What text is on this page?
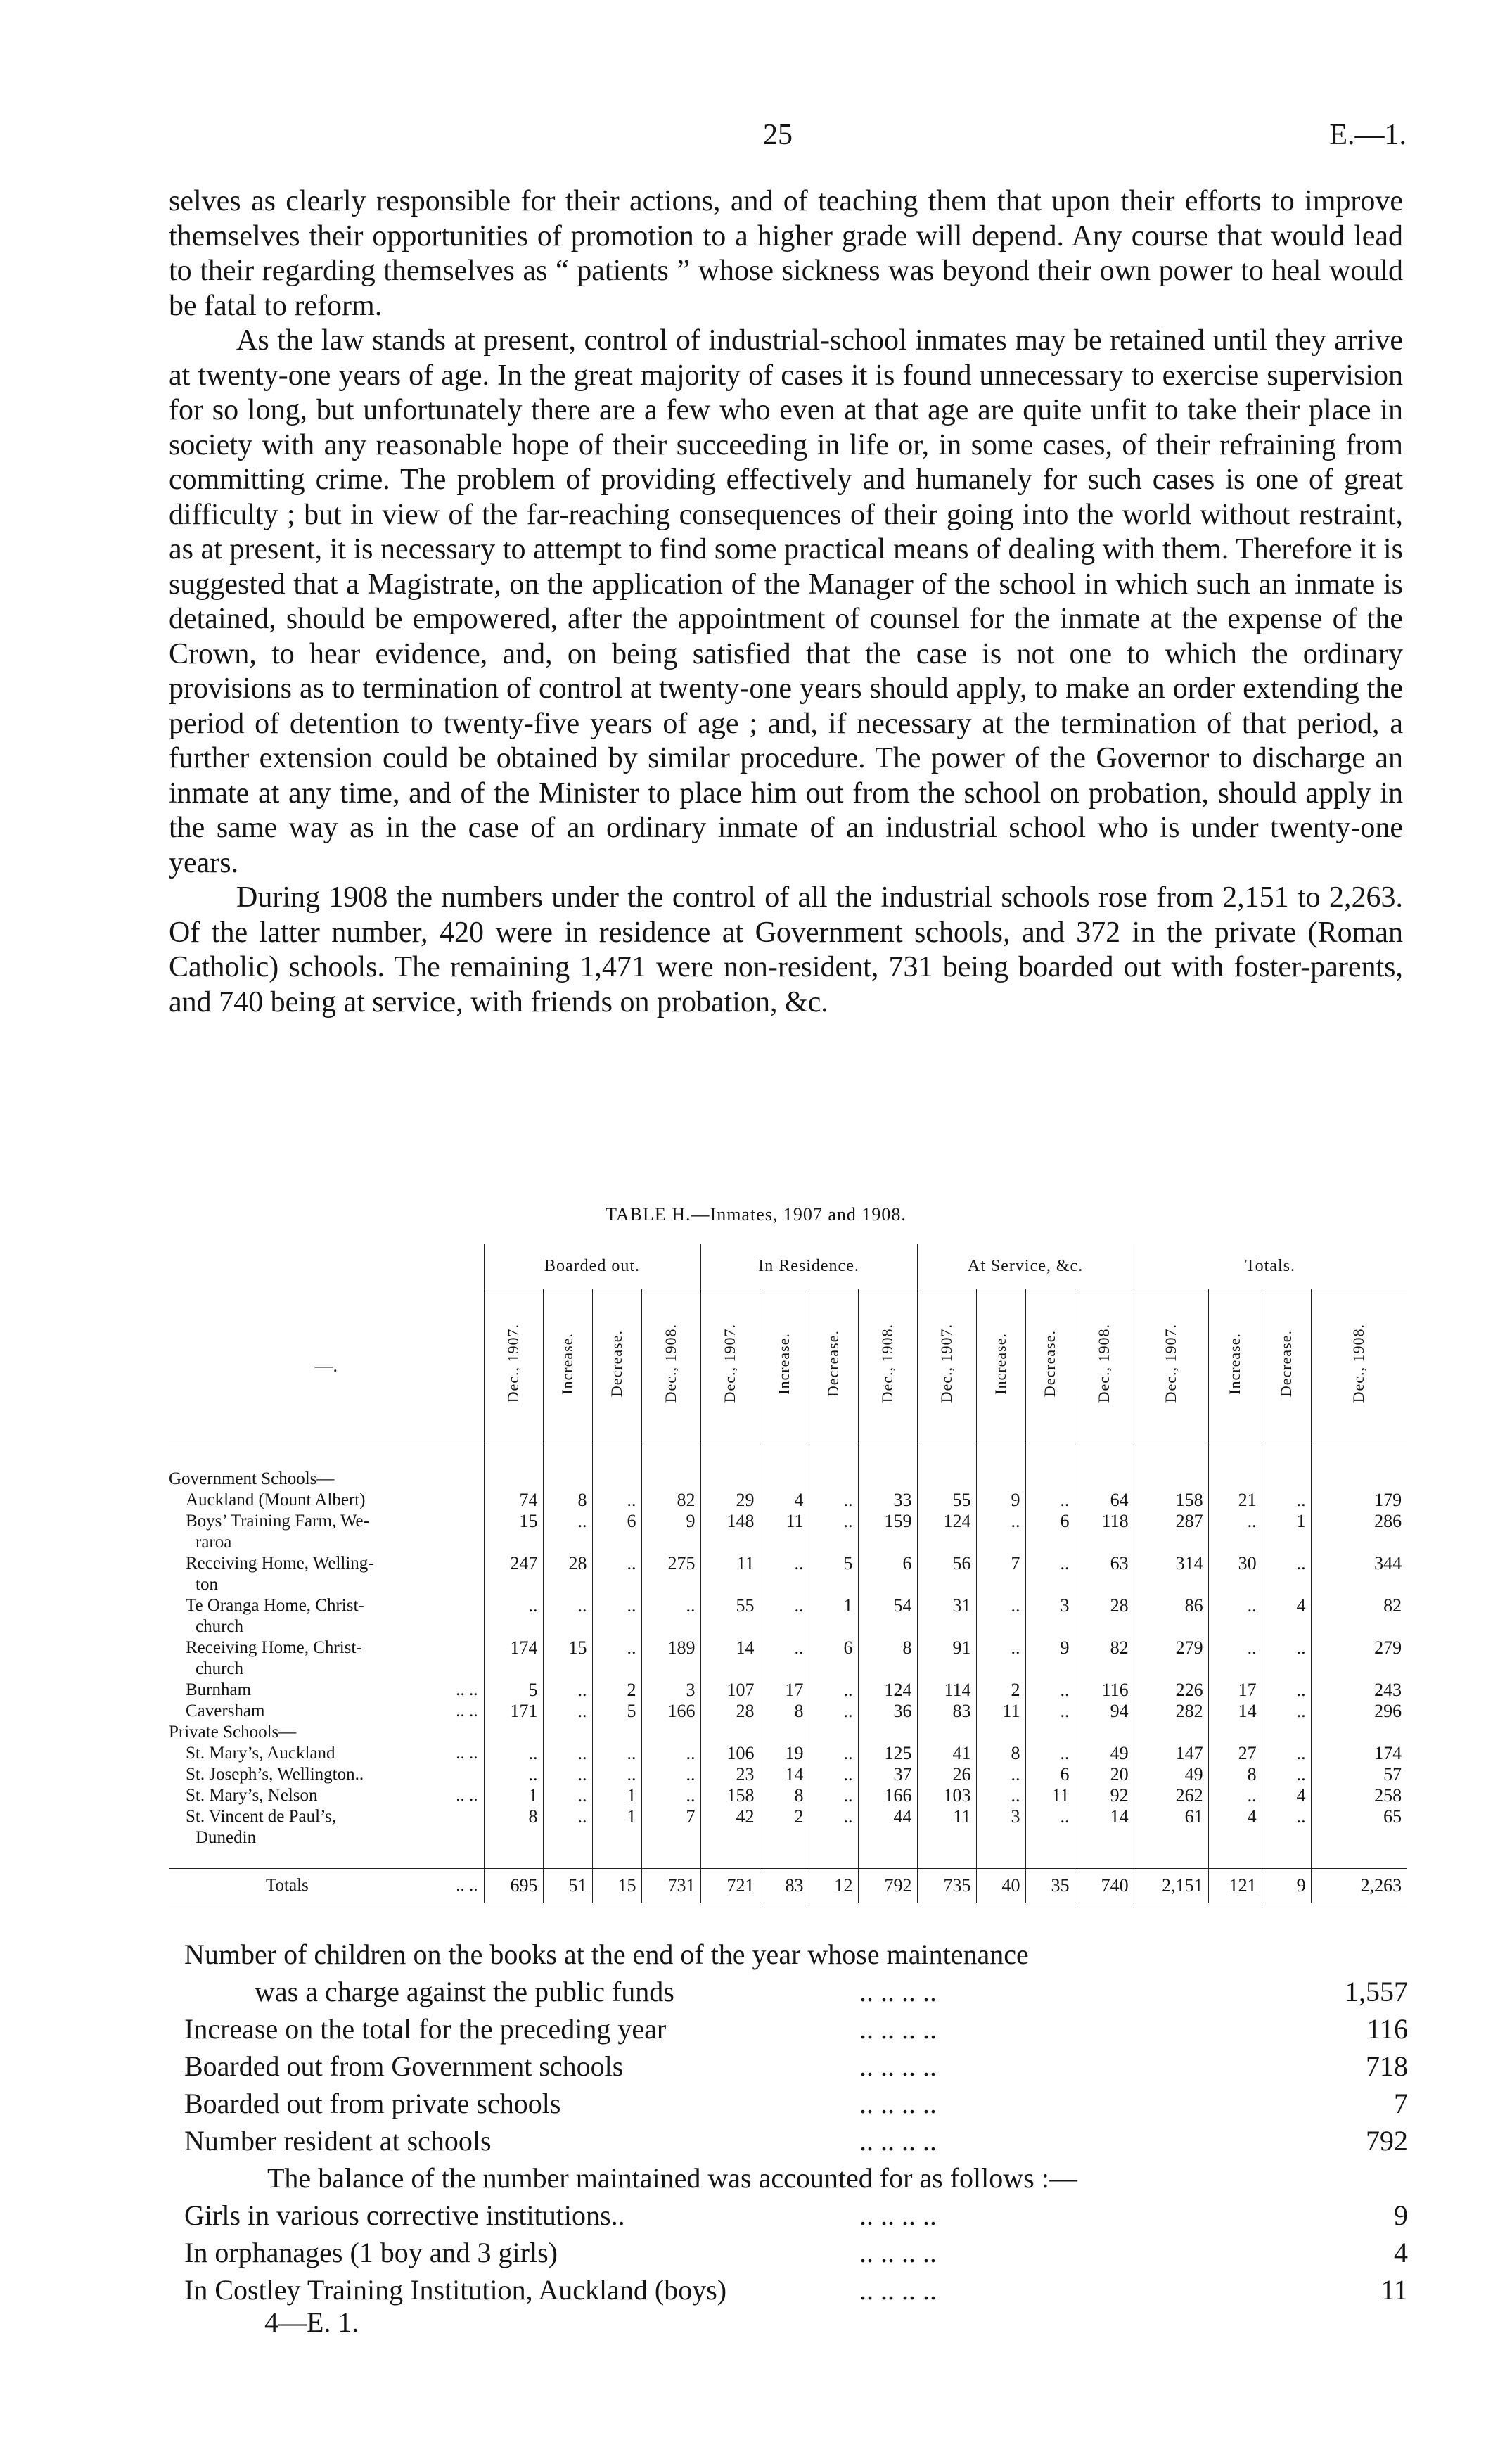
25	E.—1.

selves as clearly responsible for their actions, and of teaching them that upon their efforts to improve themselves their opportunities of promotion to a higher grade will depend. Any course that would lead to their regarding themselves as “ patients ” whose sickness was beyond their own power to heal would be fatal to reform.

As the law stands at present, control of industrial-school inmates may be retained until they arrive at twenty-one years of age. In the great majority of cases it is found unnecessary to exercise supervision for so long, but unfortunately there are a few who even at that age are quite unfit to take their place in society with any reasonable hope of their succeeding in life or, in some cases, of their refraining from committing crime. The problem of providing effectively and humanely for such cases is one of great difficulty ; but in view of the far-reaching consequences of their going into the world without restraint, as at present, it is necessary to attempt to find some practical means of dealing with them. Therefore it is suggested that a Magistrate, on the application of the Manager of the school in which such an inmate is detained, should be empowered, after the appointment of counsel for the inmate at the expense of the Crown, to hear evidence, and, on being satisfied that the case is not one to which the ordinary provisions as to termination of control at twenty-one years should apply, to make an order extending the period of detention to twenty-five years of age ; and, if necessary at the termination of that period, a further extension could be obtained by similar procedure. The power of the Governor to discharge an inmate at any time, and of the Minister to place him out from the school on probation, should apply in the same way as in the case of an ordinary inmate of an industrial school who is under twenty-one years.

During 1908 the numbers under the control of all the industrial schools rose from 2,151 to 2,263. Of the latter number, 420 were in residence at Government schools, and 372 in the private (Roman Catholic) schools. The remaining 1,471 were non-resident, 731 being boarded out with foster-parents, and 740 being at service, with friends on probation, &c.

TABLE H.—Inmates, 1907 and 1908.
	Boarded out.				In Residence.				At Service, &c.				Totals.			
—.	Dec., 1907.	Increase.	Decrease.	Dec., 1908.	Dec., 1907.	Increase.	Decrease.	Dec., 1908.	Dec., 1907.	Increase.	Decrease.	Dec., 1908.	Dec., 1907.	Increase.	Decrease.	Dec., 1908.

Government Schools—																

Auckland (Mount Albert)	74	8	..	82	29	4	..	33	55	9	..	64	158	21	..	179

Boys’ Training Farm, We-
raroa	15	..	6	9	148	11	..	159	124	..	6	118	287	..	1	286

Receiving Home, Welling-
ton	247	28	..	275	11	..	5	6	56	7	..	63	314	30	..	344

Te Oranga Home, Christ-
church	..	..	..	..	55	..	1	54	31	..	3	28	86	..	4	82

Receiving Home, Christ-
church	174	15	..	189	14	..	6	8	91	..	9	82	279	..	..	279

.. ..
Burnham	5	..	2	3	107	17	..	124	114	2	..	116	226	17	..	243

.. ..
Caversham	171	..	5	166	28	8	..	36	83	11	..	94	282	14	..	296
Private Schools—																

.. ..
St. Mary’s, Auckland	..	..	..	..	106	19	..	125	41	8	..	49	147	27	..	174

St. Joseph’s, Wellington..	..	..	..	..	23	14	..	37	26	..	6	20	49	8	..	57

.. ..
St. Mary’s, Nelson	1	..	1	..	158	8	..	166	103	..	11	92	262	..	4	258

St. Vincent de Paul’s,
Dunedin	8	..	1	7	42	2	..	44	11	3	..	14	61	4	..	65

.. ..
Totals	695	51	15	731	721	83	12	792	735	40	35	740	2,151	121	9	2,263
Number of children on the books at the end of the year whose maintenance
was a charge against the public funds	.. .. .. ..	1,557
Increase on the total for the preceding year	.. .. .. ..	116
Boarded out from Government schools	.. .. .. ..	718
Boarded out from private schools	.. .. .. ..	7
Number resident at schools	.. .. .. ..	792
The balance of the number maintained was accounted for as follows :—
Girls in various corrective institutions..	.. .. .. ..	9
In orphanages (1 boy and 3 girls)	.. .. .. ..	4
In Costley Training Institution, Auckland (boys)	.. .. .. ..	11
4—E. 1.
